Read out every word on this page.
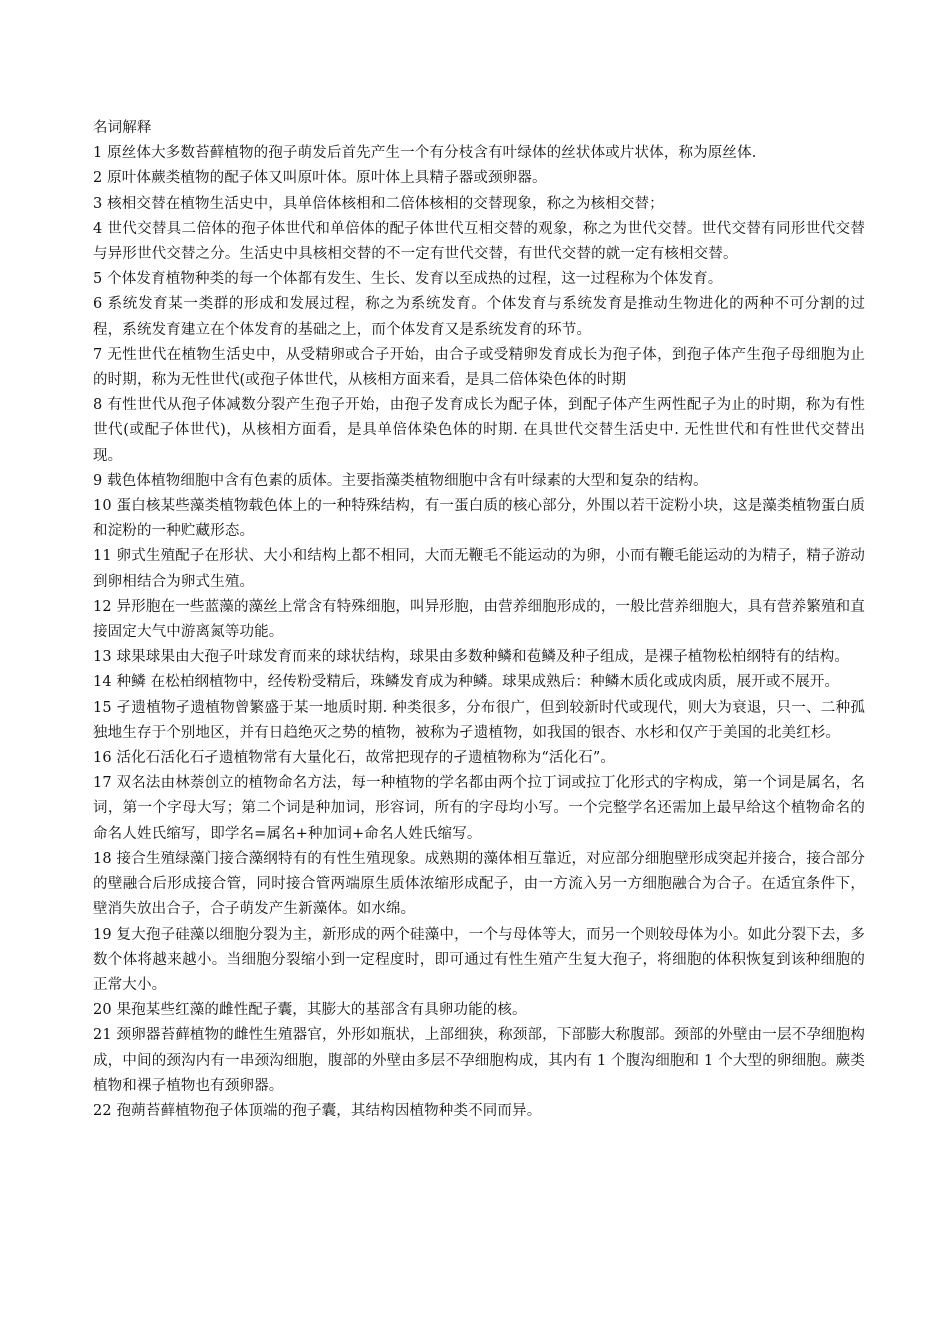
名词解释

1 原丝体大多数苔藓植物的孢子萌发后首先产生一个有分枝含有叶绿体的丝状体或片状体，称为原丝体.

2 原叶体蕨类植物的配子体又叫原叶体。原叶体上具精子器或颈卵器。

3 核相交替在植物生活史中，具单倍体核相和二倍体核相的交替现象，称之为核相交替；

4 世代交替具二倍体的孢子体世代和单倍体的配子体世代互相交替的观象，称之为世代交替。世代交替有同形世代交替与异形世代交替之分。生活史中具核相交替的不一定有世代交替，有世代交替的就一定有核相交替。

5 个体发育植物种类的每一个体都有发生、生长、发育以至成热的过程，这一过程称为个体发育。

6 系统发育某一类群的形成和发展过程，称之为系统发育。个体发育与系统发育是推动生物进化的两种不可分割的过程，系统发育建立在个体发育的基础之上，而个体发育又是系统发育的环节。

7 无性世代在植物生活史中，从受精卵或合子开始，由合子或受精卵发育成长为孢子体，到孢子体产生孢子母细胞为止的时期，称为无性世代(或孢子体世代，从核相方面来看，是具二倍体染色体的时期

8 有性世代从孢子体减数分裂产生孢子开始，由孢子发育成长为配子体，到配子体产生两性配子为止的时期，称为有性世代(或配子体世代)，从核相方面看，是具单倍体染色体的时期. 在具世代交替生活史中. 无性世代和有性世代交替出现。

9 载色体植物细胞中含有色素的质体。主要指藻类植物细胞中含有叶绿素的大型和复杂的结构。

10 蛋白核某些藻类植物载色体上的一种特殊结构，有一蛋白质的核心部分，外围以若干淀粉小块，这是藻类植物蛋白质和淀粉的一种贮藏形态。

11 卵式生殖配子在形状、大小和结构上都不相同，大而无鞭毛不能运动的为卵，小而有鞭毛能运动的为精子，精子游动到卵相结合为卵式生殖。

12 异形胞在一些蓝藻的藻丝上常含有特殊细胞，叫异形胞，由营养细胞形成的，一般比营养细胞大，具有营养繁殖和直接固定大气中游离氮等功能。

13 球果球果由大孢子叶球发育而来的球状结构，球果由多数种鳞和苞鳞及种子组成，是裸子植物松柏纲特有的结构。

14 种鳞 在松柏纲植物中，经传粉受精后，珠鳞发育成为种鳞。球果成熟后：种鳞木质化或成肉质，展开或不展开。

15 孑遗植物孑遗植物曾繁盛于某一地质时期. 种类很多，分布很广，但到较新时代或现代，则大为衰退，只一、二种孤独地生存于个别地区，并有日趋绝灭之势的植物，被称为孑遗植物，如我国的银杏、水杉和仅产于美国的北美红杉。

16 活化石活化石孑遗植物常有大量化石，故常把现存的孑遗植物称为“活化石”。

17 双名法由林萘创立的植物命名方法，每一种植物的学名都由两个拉丁词或拉丁化形式的字构成，第一个词是属名，名词，第一个字母大写；第二个词是种加词，形容词，所有的字母均小写。一个完整学名还需加上最早给这个植物命名的命名人姓氏缩写，即学名=属名+种加词+命名人姓氏缩写。

18 接合生殖绿藻门接合藻纲特有的有性生殖现象。成熟期的藻体相互靠近，对应部分细胞壁形成突起并接合，接合部分的壁融合后形成接合管，同时接合管两端原生质体浓缩形成配子，由一方流入另一方细胞融合为合子。在适宜条件下，壁消失放出合子，合子萌发产生新藻体。如水绵。

19 复大孢子硅藻以细胞分裂为主，新形成的两个硅藻中，一个与母体等大，而另一个则较母体为小。如此分裂下去，多数个体将越来越小。当细胞分裂缩小到一定程度时，即可通过有性生殖产生复大孢子，将细胞的体积恢复到该种细胞的正常大小。

20 果孢某些红藻的雌性配子囊，其膨大的基部含有具卵功能的核。

21 颈卵器苔藓植物的雌性生殖器官，外形如瓶状，上部细狭，称颈部，下部膨大称腹部。颈部的外壁由一层不孕细胞构成，中间的颈沟内有一串颈沟细胞，腹部的外壁由多层不孕细胞构成，其内有 1 个腹沟细胞和 1 个大型的卵细胞。蕨类植物和裸子植物也有颈卵器。

22 孢蒴苔藓植物孢子体顶端的孢子囊，其结构因植物种类不同而异。
